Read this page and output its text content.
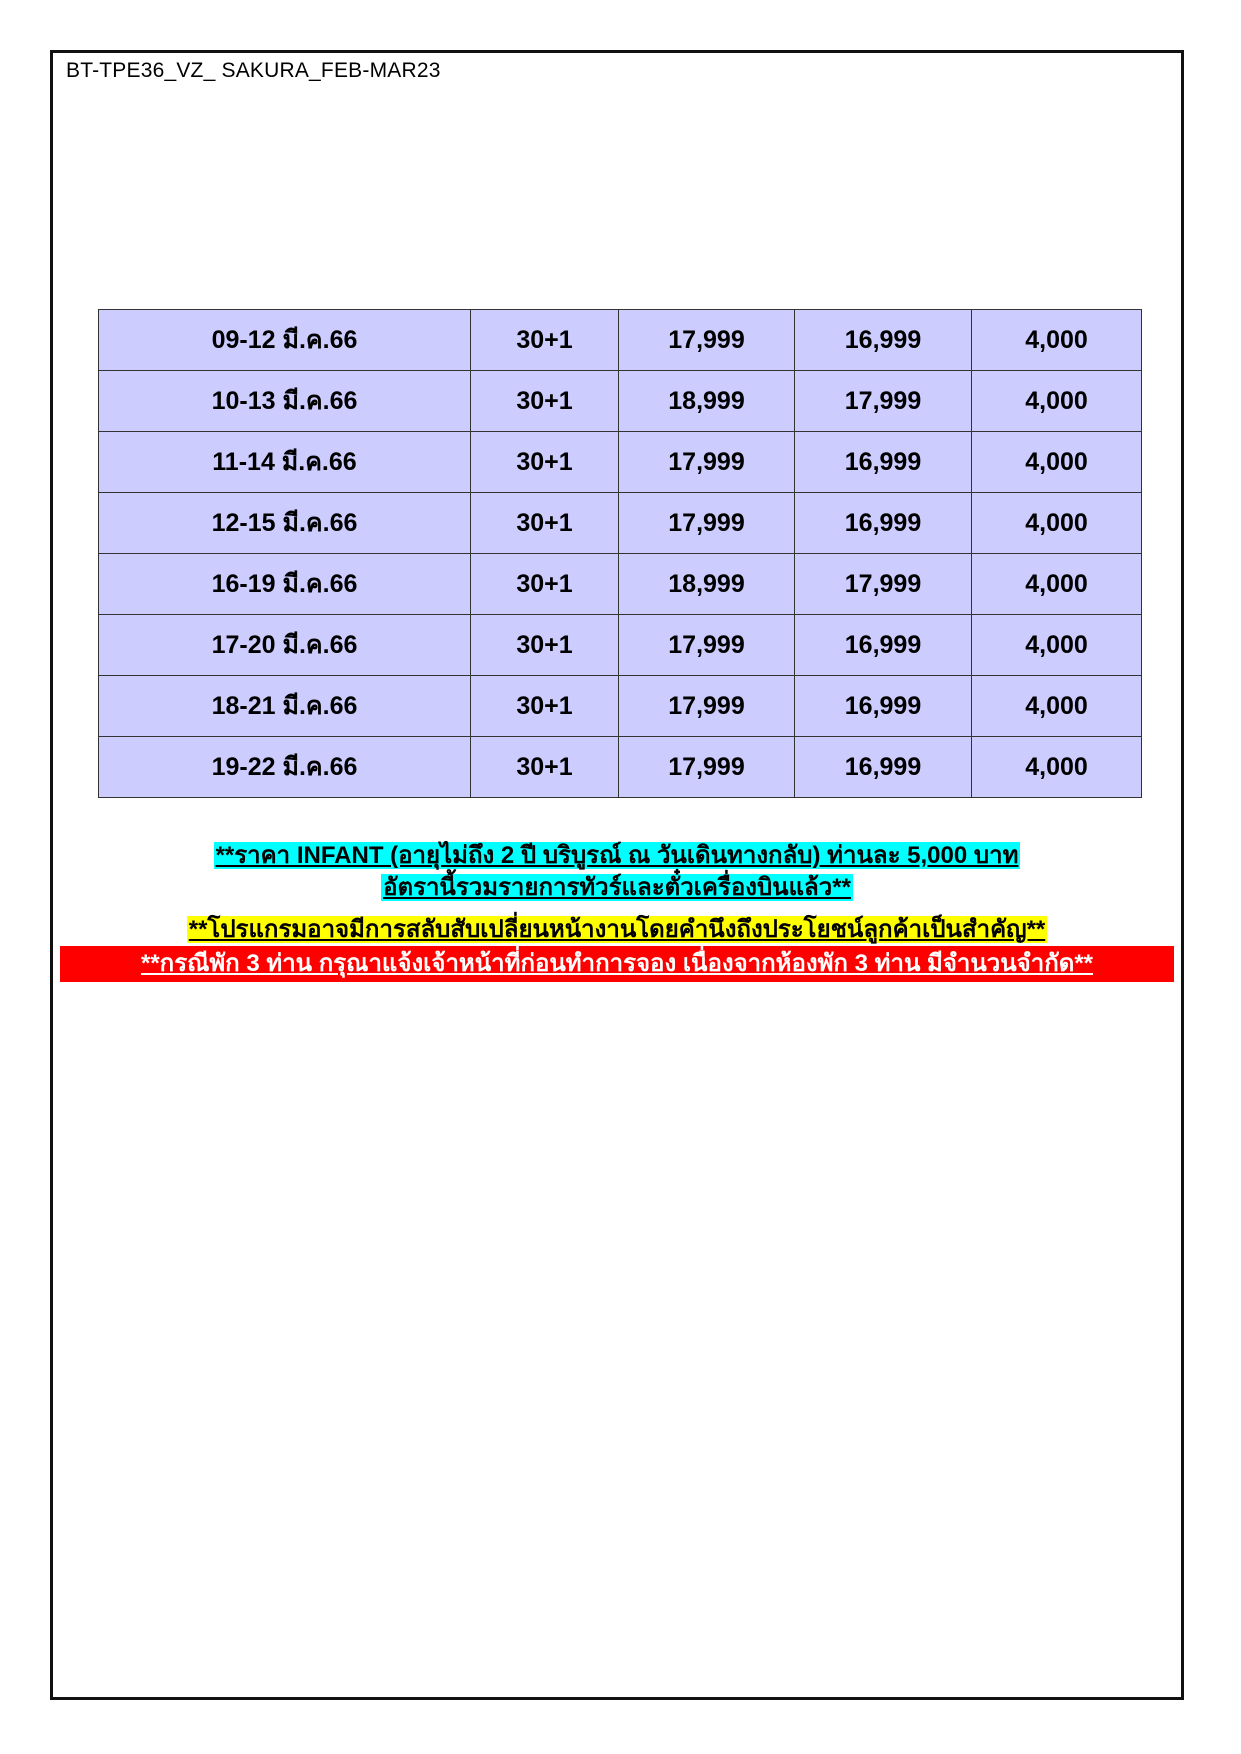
BT-TPE36_VZ_ SAKURA_FEB-MAR23
09-12 มี.ค.66	30+1	17,999	16,999	4,000
10-13 มี.ค.66	30+1	18,999	17,999	4,000
11-14 มี.ค.66	30+1	17,999	16,999	4,000
12-15 มี.ค.66	30+1	17,999	16,999	4,000
16-19 มี.ค.66	30+1	18,999	17,999	4,000
17-20 มี.ค.66	30+1	17,999	16,999	4,000
18-21 มี.ค.66	30+1	17,999	16,999	4,000
19-22 มี.ค.66	30+1	17,999	16,999	4,000
**ราคา INFANT (อายุไม่ถึง 2 ปี บริบูรณ์ ณ วันเดินทางกลับ) ท่านละ 5,000 บาท
อัตรานี้รวมรายการทัวร์และตั๋วเครื่องบินแล้ว**
**โปรแกรมอาจมีการสลับสับเปลี่ยนหน้างานโดยคำนึงถึงประโยชน์ลูกค้าเป็นสำคัญ**
**กรณีพัก 3 ท่าน กรุณาแจ้งเจ้าหน้าที่ก่อนทำการจอง เนื่องจากห้องพัก 3 ท่าน มีจำนวนจำกัด**
